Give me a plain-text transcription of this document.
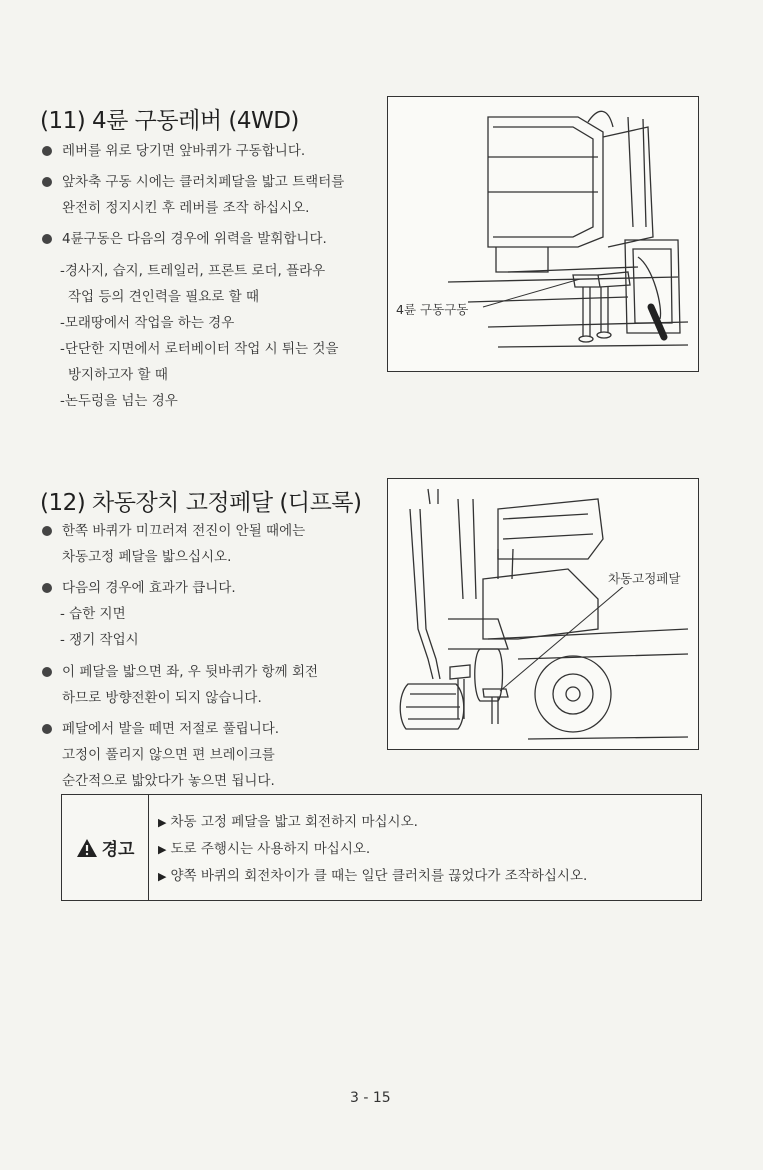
(11) 4륜 구동레버 (4WD)
레버를 위로 당기면 앞바퀴가 구동합니다.
앞차축 구동 시에는 클러치페달을 밟고 트랙터를
완전히 정지시킨 후 레버를 조작 하십시오.
4륜구동은 다음의 경우에 위력을 발휘합니다.
-경사지, 습지, 트레일러, 프론트 로더, 플라우
작업 등의 견인력을 필요로 할 때
-모래땅에서 작업을 하는 경우
-단단한 지면에서 로터베이터 작업 시 튀는 것을
방지하고자 할 때
-논두렁을 넘는 경우
4륜 구동구동
(12) 차동장치 고정페달 (디프록)
한쪽 바퀴가 미끄러져 전진이 안될 때에는
차동고정 페달을 밟으십시오.
다음의 경우에 효과가 큽니다.
- 습한 지면
- 쟁기 작업시
이 페달을 밟으면 좌, 우 뒷바퀴가 항께 회전
하므로 방향전환이 되지 않습니다.
페달에서 발을 떼면 저절로 풀립니다.
고정이 풀리지 않으면 편 브레이크를
순간적으로 밟았다가 놓으면 됩니다.
차동고정페달
경고
▶ 차동 고정 페달을 밟고 회전하지 마십시오.
▶ 도로 주행시는 사용하지 마십시오.
▶ 양쪽 바퀴의 회전차이가 클 때는 일단 클러치를 끊었다가 조작하십시오.
3 - 15
